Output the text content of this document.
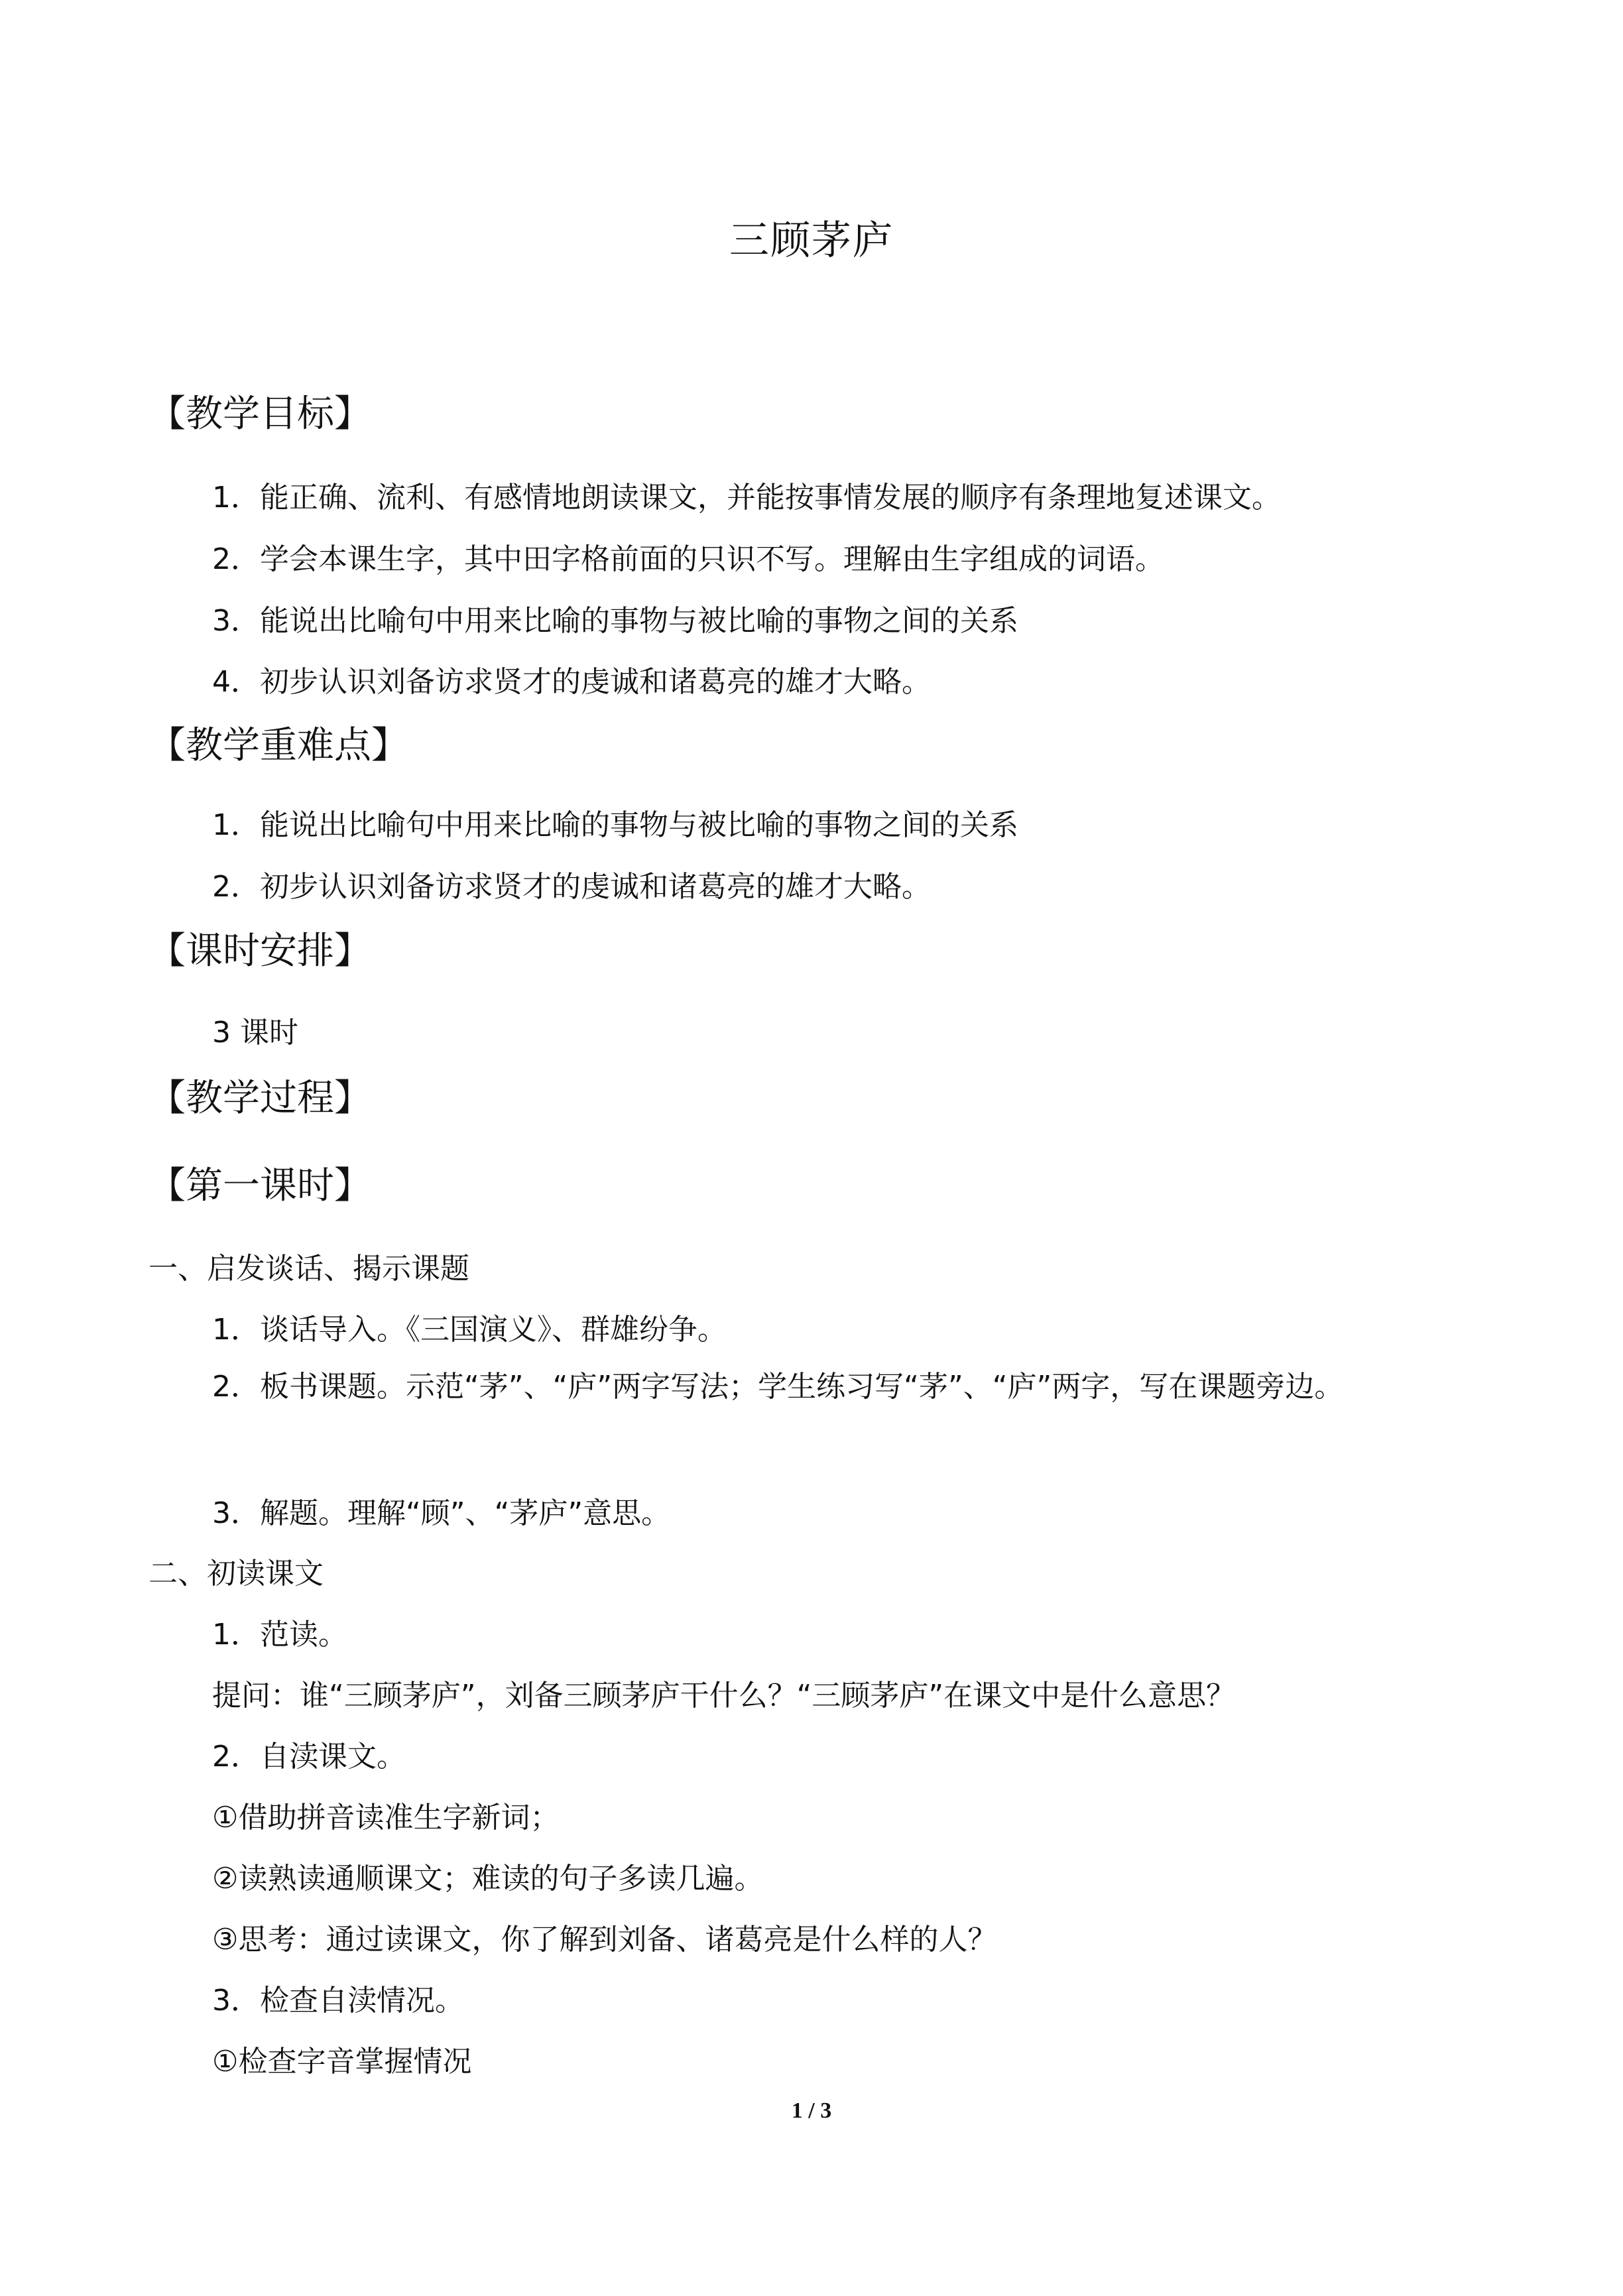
三顾茅庐
【教学目标】
1．能正确、流利、有感情地朗读课文，并能按事情发展的顺序有条理地复述课文。
2．学会本课生字，其中田字格前面的只识不写。理解由生字组成的词语。
3．能说出比喻句中用来比喻的事物与被比喻的事物之间的关系
4．初步认识刘备访求贤才的虔诚和诸葛亮的雄才大略。
【教学重难点】
1．能说出比喻句中用来比喻的事物与被比喻的事物之间的关系
2．初步认识刘备访求贤才的虔诚和诸葛亮的雄才大略。
【课时安排】
3 课时
【教学过程】
【第一课时】
一、启发谈话、揭示课题
1．谈话导入。《三国演义》、群雄纷争。
2．板书课题。示范“茅”、“庐”两字写法；学生练习写“茅”、“庐”两字，写在课题旁边。
3．解题。理解“顾”、“茅庐”意思。
二、初读课文
1．范读。
提问：谁“三顾茅庐”，刘备三顾茅庐干什么？“三顾茅庐”在课文中是什么意思？
2．自渎课文。
①借助拼音读准生字新词；
②读熟读通顺课文；难读的句子多读几遍。
③思考：通过读课文，你了解到刘备、诸葛亮是什么样的人？
3．检查自渎情况。
①检查字音掌握情况
1 / 3
